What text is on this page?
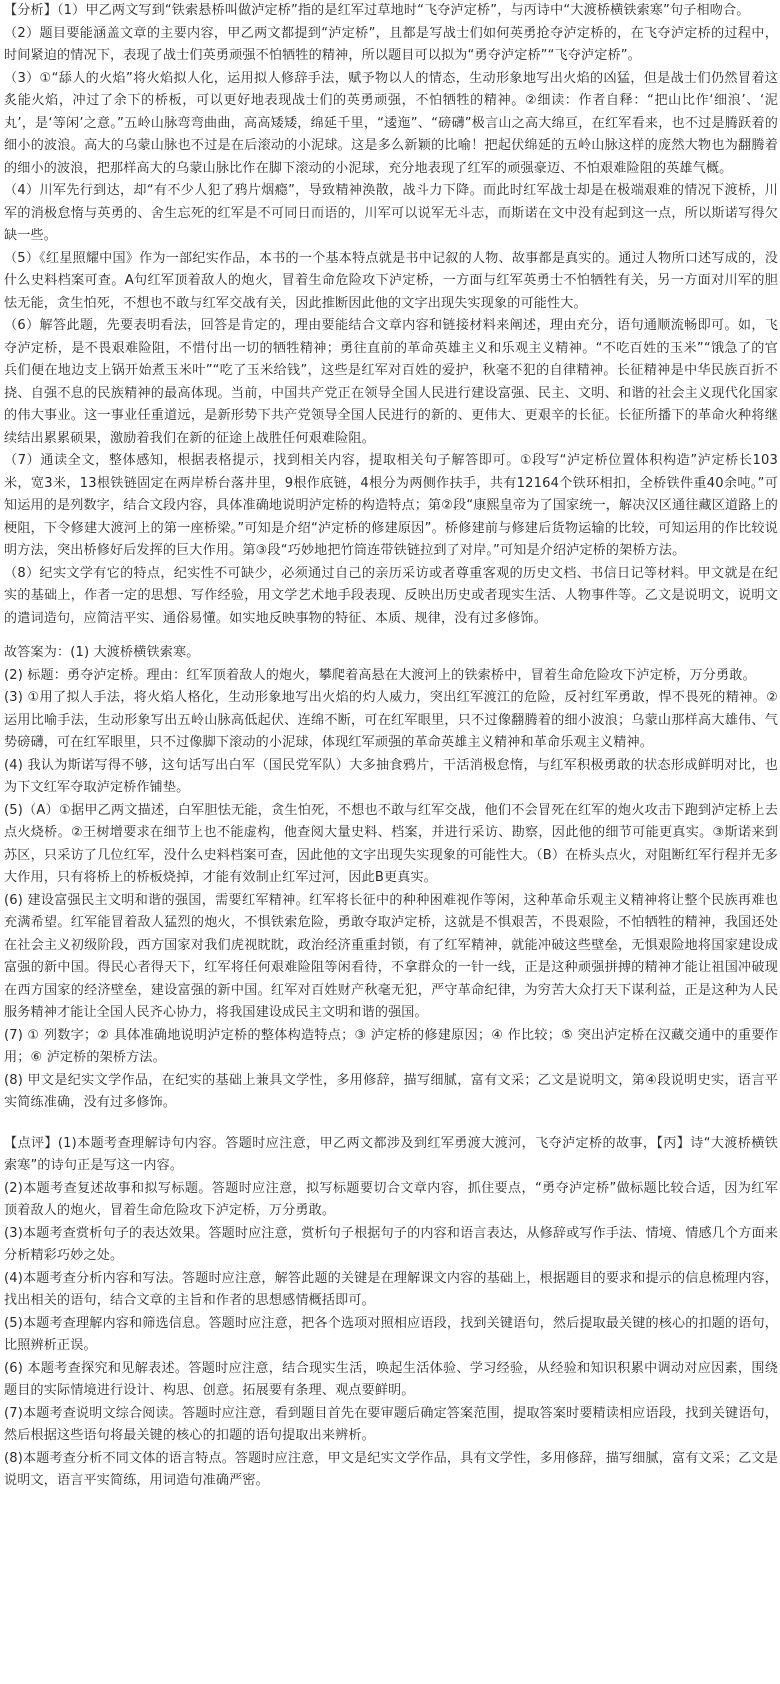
【分析】（1）甲乙两文写到“铁索悬桥叫做泸定桥”指的是红军过草地时“飞夺泸定桥”，与丙诗中“大渡桥横铁索寒”句子相吻合。

（2）题目要能涵盖文章的主要内容，甲乙两文都提到“泸定桥”，且都是写战士们如何英勇抢夺泸定桥的，在飞夺泸定桥的过程中，时间紧迫的情况下，表现了战士们英勇顽强不怕牺牲的精神，所以题目可以拟为“勇夺泸定桥”“飞夺泸定桥”。

（3）①“舔人的火焰”将火焰拟人化，运用拟人修辞手法，赋予物以人的情态，生动形象地写出火焰的凶猛，但是战士们仍然冒着这炙能火焰，冲过了余下的桥板，可以更好地表现战士们的英勇顽强，不怕牺牲的精神。②细读：作者自释：“把山比作‘细浪’、‘泥丸’，是‘等闲’之意。”五岭山脉弯弯曲曲，高高矮矮，绵延千里，“逶迤”、“磅礴”极言山之高大绵亘，在红军看来，也不过是腾跃着的细小的波浪。高大的乌蒙山脉也不过是在后滚动的小泥球。这是多么新颖的比喻！把起伏绵延的五岭山脉这样的庞然大物也为翻腾着的细小的波浪，把那样高大的乌蒙山脉比作在脚下滚动的小泥球，充分地表现了红军的顽强豪迈、不怕艰难险阻的英雄气概。

（4）川军先行到达，却“有不少人犯了鸦片烟瘾”，导致精神涣散，战斗力下降。而此时红军战士却是在极端艰难的情况下渡桥，川军的消极怠惰与英勇的、舍生忘死的红军是不可同日而语的，川军可以说军无斗志，而斯诺在文中没有起到这一点，所以斯诺写得欠缺一些。

（5）《红星照耀中国》作为一部纪实作品，本书的一个基本特点就是书中记叙的人物、故事都是真实的。通过人物所口述写成的，没什么史料档案可查。A句红军顶着敌人的炮火，冒着生命危险攻下泸定桥，一方面与红军英勇士不怕牺牲有关，另一方面对川军的胆怯无能，贪生怕死，不想也不敢与红军交战有关，因此推断因此他的文字出现失实现象的可能性大。

（6）解答此题，先要表明看法，回答是肯定的，理由要能结合文章内容和链接材料来阐述，理由充分，语句通顺流畅即可。如，飞夺泸定桥，是不畏艰难险阻，不惜付出一切的牺牲精神；勇往直前的革命英雄主义和乐观主义精神。“不吃百姓的玉米”“饿急了的官兵们便在地边支上锅开始煮玉米叶”“吃了玉米给钱”，这些是红军对百姓的爱护，秋毫不犯的自律精神。长征精神是中华民族百折不挠、自强不息的民族精神的最高体现。当前，中国共产党正在领导全国人民进行建设富强、民主、文明、和谐的社会主义现代化国家的伟大事业。这一事业任重道远，是新形势下共产党领导全国人民进行的新的、更伟大、更艰辛的长征。长征所播下的革命火种将继续结出累累硕果，激励着我们在新的征途上战胜任何艰难险阻。

（7）通读全文，整体感知，根据表格提示，找到相关内容，提取相关句子解答即可。①段写“泸定桥位置体积构造”泸定桥长103米，宽3米，13根铁链固定在两岸桥台落井里，9根作底链，4根分为两侧作扶手，共有12164个铁环相扣，全桥铁件重40余吨。”可知运用的是列数字，结合文段内容，具体准确地说明泸定桥的构造特点；第②段“康熙皇帝为了国家统一，解决汉区通往藏区道路上的梗阻，下令修建大渡河上的第一座桥梁。”可知是介绍“泸定桥的修建原因”。桥修建前与修建后货物运输的比较，可知运用的作比较说明方法，突出桥修好后发挥的巨大作用。第③段“巧妙地把竹筒连带铁链拉到了对岸。”可知是介绍泸定桥的架桥方法。

（8）纪实文学有它的特点，纪实性不可缺少，必须通过自己的亲历采访或者尊重客观的历史文档、书信日记等材料。甲文就是在纪实的基础上，作者一定的思想、写作经验，用文学艺术地手段表现、反映出历史或者现实生活、人物事件等。乙文是说明文，说明文的遣词造句，应简洁平实、通俗易懂。如实地反映事物的特征、本质、规律，没有过多修饰。

故答案为：(1) 大渡桥横铁索寒。

(2) 标题：勇夺泸定桥。理由：红军顶着敌人的炮火，攀爬着高悬在大渡河上的铁索桥中，冒着生命危险攻下泸定桥，万分勇敢。

(3) ①用了拟人手法，将火焰人格化，生动形象地写出火焰的灼人威力，突出红军渡江的危险，反衬红军勇敢，悍不畏死的精神。②运用比喻手法，生动形象写出五岭山脉高低起伏、连绵不断，可在红军眼里，只不过像翻腾着的细小波浪；乌蒙山那样高大雄伟、气势磅礴，可在红军眼里，只不过像脚下滚动的小泥球，体现红军顽强的革命英雄主义精神和革命乐观主义精神。

(4) 我认为斯诺写得不够，这句话写出白军（国民党军队）大多抽食鸦片，干活消极怠惰，与红军积极勇敢的状态形成鲜明对比，也为下文红军夺取泸定桥作铺垫。

(5)（A）①据甲乙两文描述，白军胆怯无能，贪生怕死，不想也不敢与红军交战，他们不会冒死在红军的炮火攻击下跑到泸定桥上去点火烧桥。②王树增要求在细节上也不能虚构，他查阅大量史料、档案，并进行采访、勘察，因此他的细节可能更真实。③斯诺来到苏区，只采访了几位红军，没什么史料档案可查，因此他的文字出现失实现象的可能性大。（B）在桥头点火，对阻断红军行程并无多大作用，只有将桥上的桥板烧掉，才能有效制止红军过河，因此B更真实。

(6) 建设富强民主文明和谐的强国，需要红军精神。红军将长征中的种种困难视作等闲，这种革命乐观主义精神将让整个民族再难也充满希望。红军能冒着敌人猛烈的炮火，不惧铁索危险，勇敢夺取泸定桥，这就是不惧艰苦，不畏艰险，不怕牺牲的精神，我国还处在社会主义初级阶段，西方国家对我们虎视眈眈，政治经济重重封锁，有了红军精神，就能冲破这些壁垒，无惧艰险地将国家建设成富强的新中国。得民心者得天下，红军将任何艰难险阻等闲看待，不拿群众的一针一线，正是这种顽强拼搏的精神才能让祖国冲破现在西方国家的经济壁垒，建设富强的新中国。红军对百姓财产秋毫无犯，严守革命纪律，为穷苦大众打天下谋利益，正是这种为人民服务精神才能让全国人民齐心协力，将我国建设成民主文明和谐的强国。

(7) ① 列数字；② 具体准确地说明泸定桥的整体构造特点；③ 泸定桥的修建原因；④ 作比较；⑤ 突出泸定桥在汉藏交通中的重要作用；⑥ 泸定桥的架桥方法。

(8) 甲文是纪实文学作品，在纪实的基础上兼具文学性，多用修辞，描写细腻，富有文采；乙文是说明文，第④段说明史实，语言平实简练准确，没有过多修饰。

【点评】(1)本题考查理解诗句内容。答题时应注意，甲乙两文都涉及到红军勇渡大渡河，飞夺泸定桥的故事，【丙】诗“大渡桥横铁索寒”的诗句正是写这一内容。

(2)本题考查复述故事和拟写标题。答题时应注意，拟写标题要切合文章内容，抓住要点，“勇夺泸定桥”做标题比较合适，因为红军顶着敌人的炮火，冒着生命危险攻下泸定桥，万分勇敢。

(3)本题考查赏析句子的表达效果。答题时应注意，赏析句子根据句子的内容和语言表达，从修辞或写作手法、情境、情感几个方面来分析精彩巧妙之处。

(4)本题考查分析内容和写法。答题时应注意，解答此题的关键是在理解课文内容的基础上，根据题目的要求和提示的信息梳理内容，找出相关的语句，结合文章的主旨和作者的思想感情概括即可。

(5)本题考查理解内容和筛选信息。答题时应注意，把各个选项对照相应语段，找到关键语句，然后提取最关键的核心的扣题的语句，比照辨析正误。

(6) 本题考查探究和见解表述。答题时应注意，结合现实生活，唤起生活体验、学习经验，从经验和知识积累中调动对应因素，围绕题目的实际情境进行设计、构思、创意。拓展要有条理、观点要鲜明。

(7)本题考查说明文综合阅读。答题时应注意，看到题目首先在要审题后确定答案范围，提取答案时要精读相应语段，找到关键语句，然后根据这些语句将最关键的核心的扣题的语句提取出来辨析。

(8)本题考查分析不同文体的语言特点。答题时应注意，甲文是纪实文学作品，具有文学性，多用修辞，描写细腻，富有文采；乙文是说明文，语言平实简练，用词造句准确严密。
